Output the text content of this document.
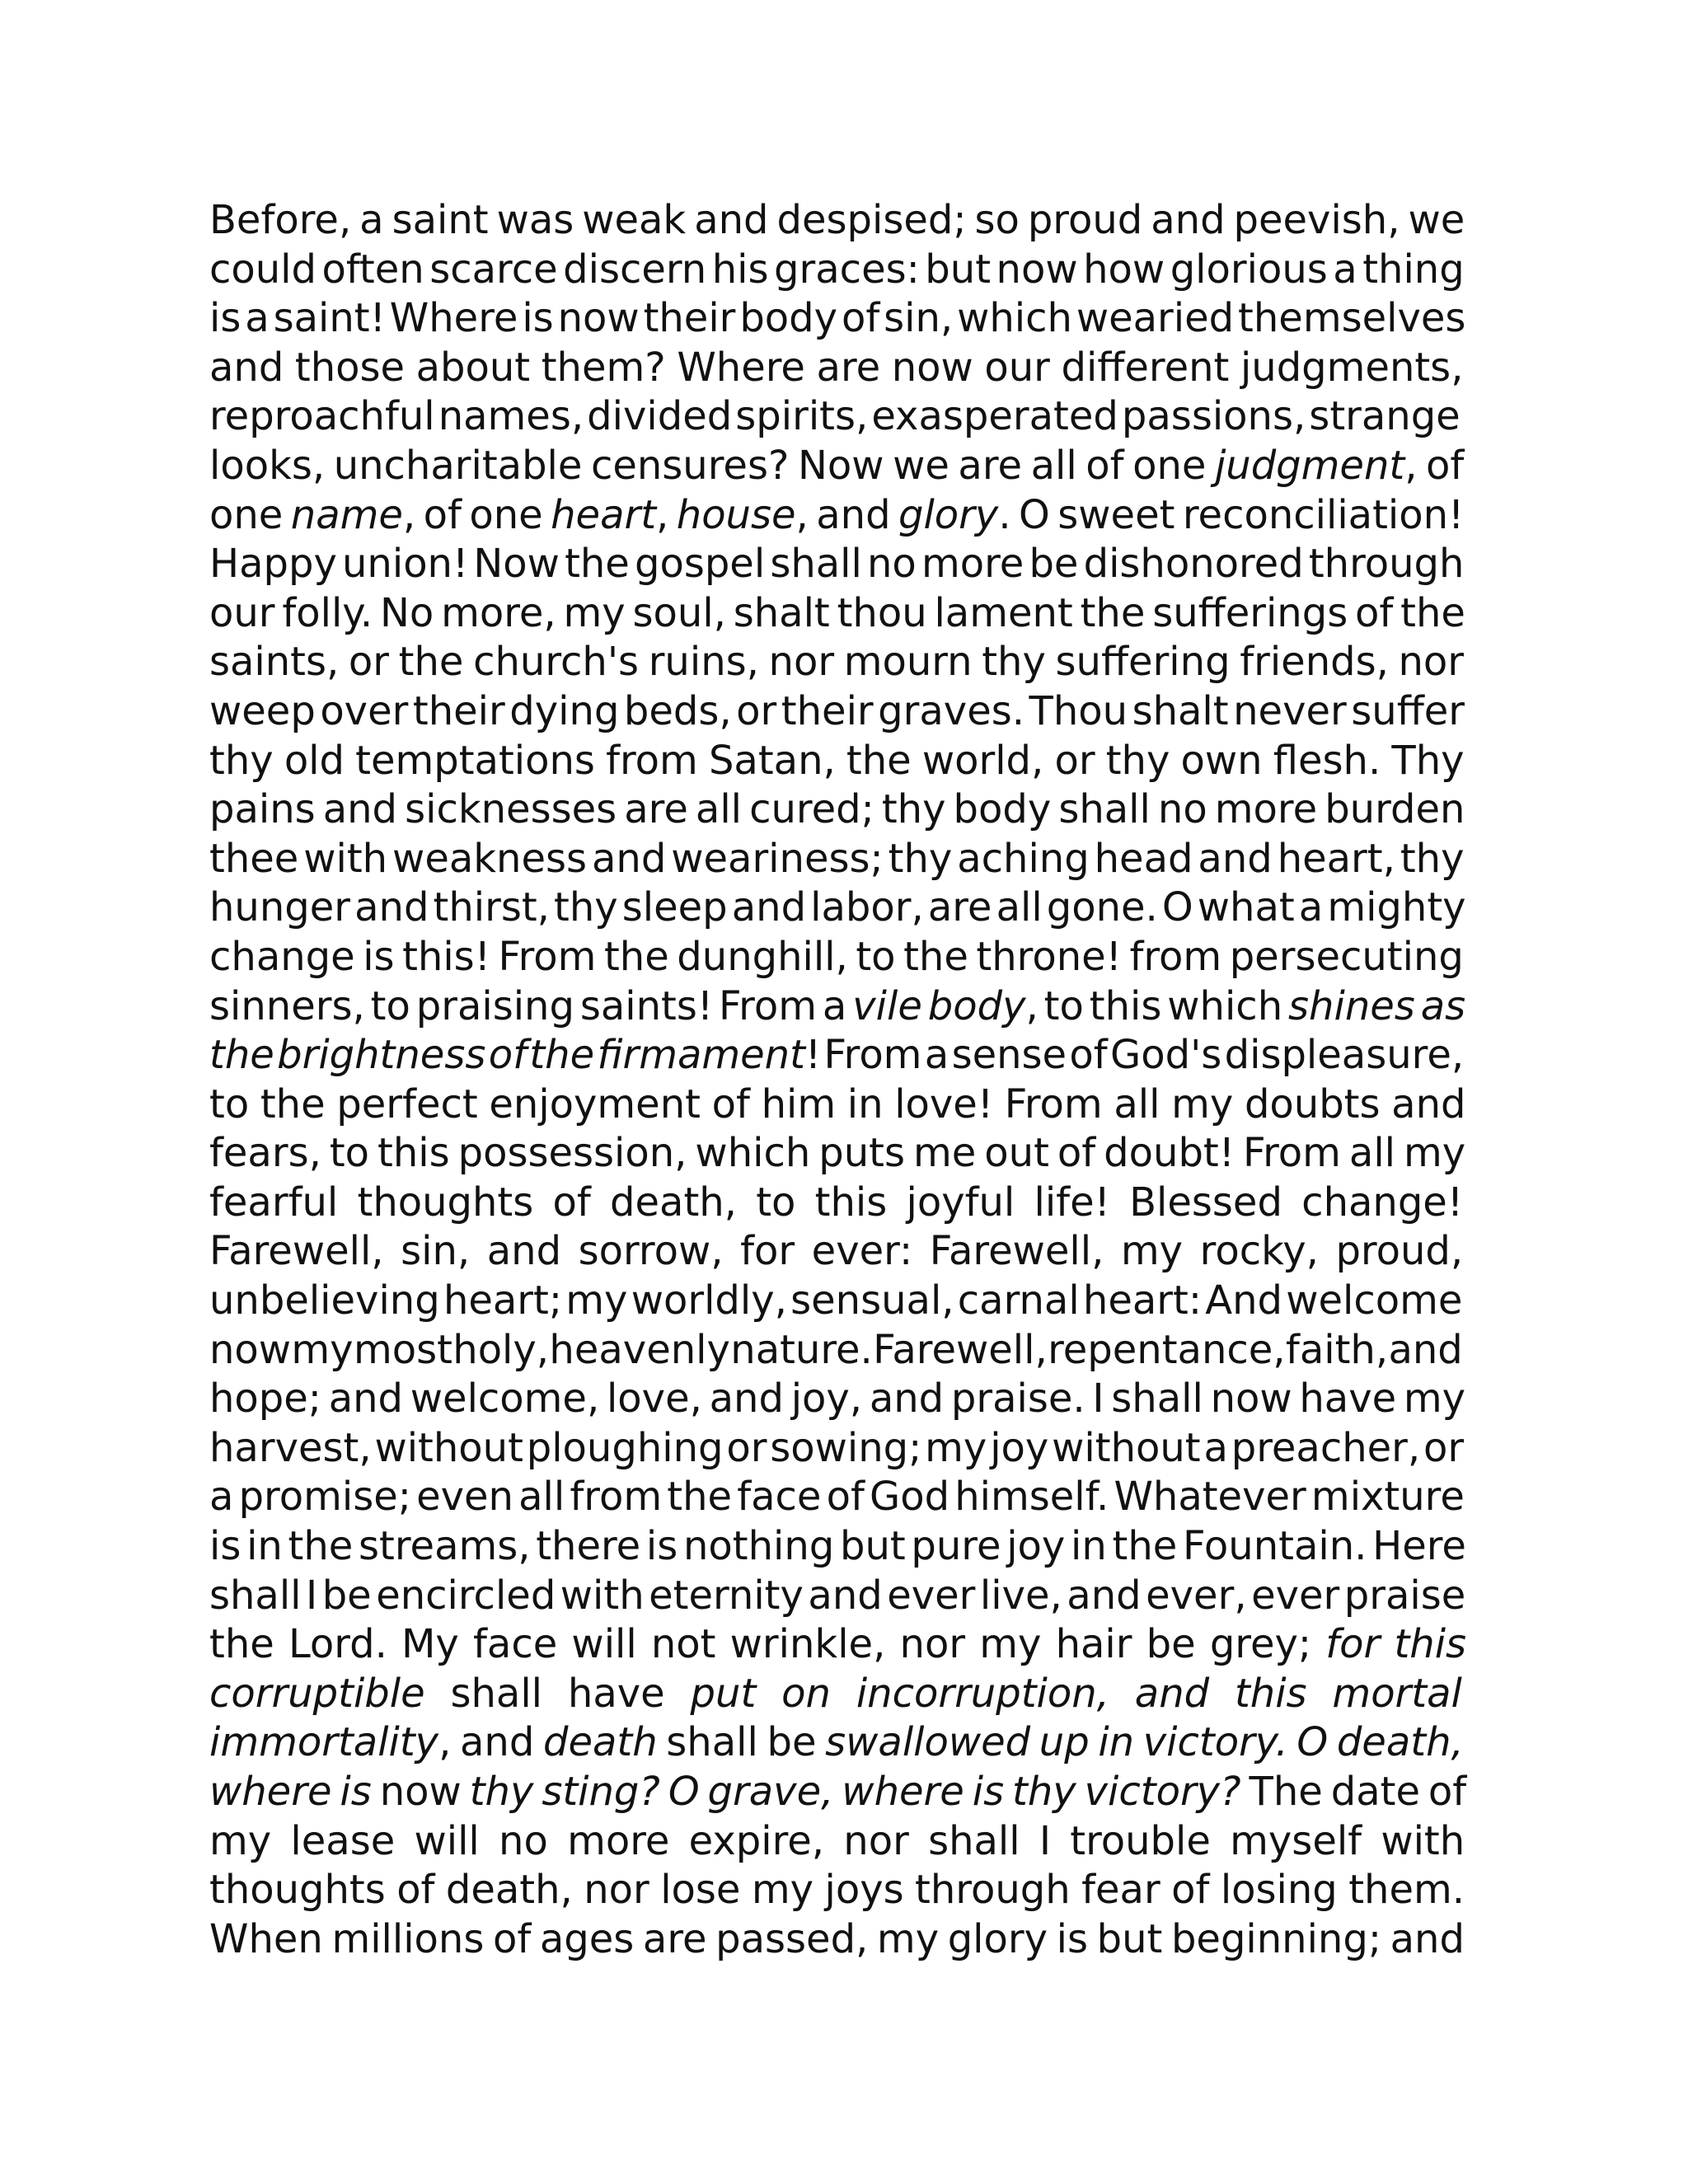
Before, a saint was weak and despised; so proud and peevish, we
could often scarce discern his graces: but now how glorious a thing
is a saint! Where is now their body of sin, which wearied themselves
and those about them? Where are now our different judgments,
reproachful names, divided spirits, exasperated passions, strange
looks, uncharitable censures? Now we are all of one judgment, of
one name, of one heart, house, and glory. O sweet reconciliation!
Happy union! Now the gospel shall no more be dishonored through
our folly. No more, my soul, shalt thou lament the sufferings of the
saints, or the church's ruins, nor mourn thy suffering friends, nor
weep over their dying beds, or their graves. Thou shalt never suffer
thy old temptations from Satan, the world, or thy own flesh. Thy
pains and sicknesses are all cured; thy body shall no more burden
thee with weakness and weariness; thy aching head and heart, thy
hunger and thirst, thy sleep and labor, are all gone. O what a mighty
change is this! From the dunghill, to the throne! from persecuting
sinners, to praising saints! From a vile body, to this which shines as
the brightness of the firmament! From a sense of God's displeasure,
to the perfect enjoyment of him in love! From all my doubts and
fears, to this possession, which puts me out of doubt! From all my
fearful thoughts of death, to this joyful life! Blessed change!
Farewell, sin, and sorrow, for ever: Farewell, my rocky, proud,
unbelieving heart; my worldly, sensual, carnal heart: And welcome
now my most holy, heavenly nature. Farewell, repentance, faith, and
hope; and welcome, love, and joy, and praise. I shall now have my
harvest, without ploughing or sowing; my joy without a preacher, or
a promise; even all from the face of God himself. Whatever mixture
is in the streams, there is nothing but pure joy in the Fountain. Here
shall I be encircled with eternity and ever live, and ever, ever praise
the Lord. My face will not wrinkle, nor my hair be grey; for this
corruptible shall have put on incorruption, and this mortal
immortality, and death shall be swallowed up in victory. O death,
where is now thy sting? O grave, where is thy victory? The date of
my lease will no more expire, nor shall I trouble myself with
thoughts of death, nor lose my joys through fear of losing them.
When millions of ages are passed, my glory is but beginning; and
